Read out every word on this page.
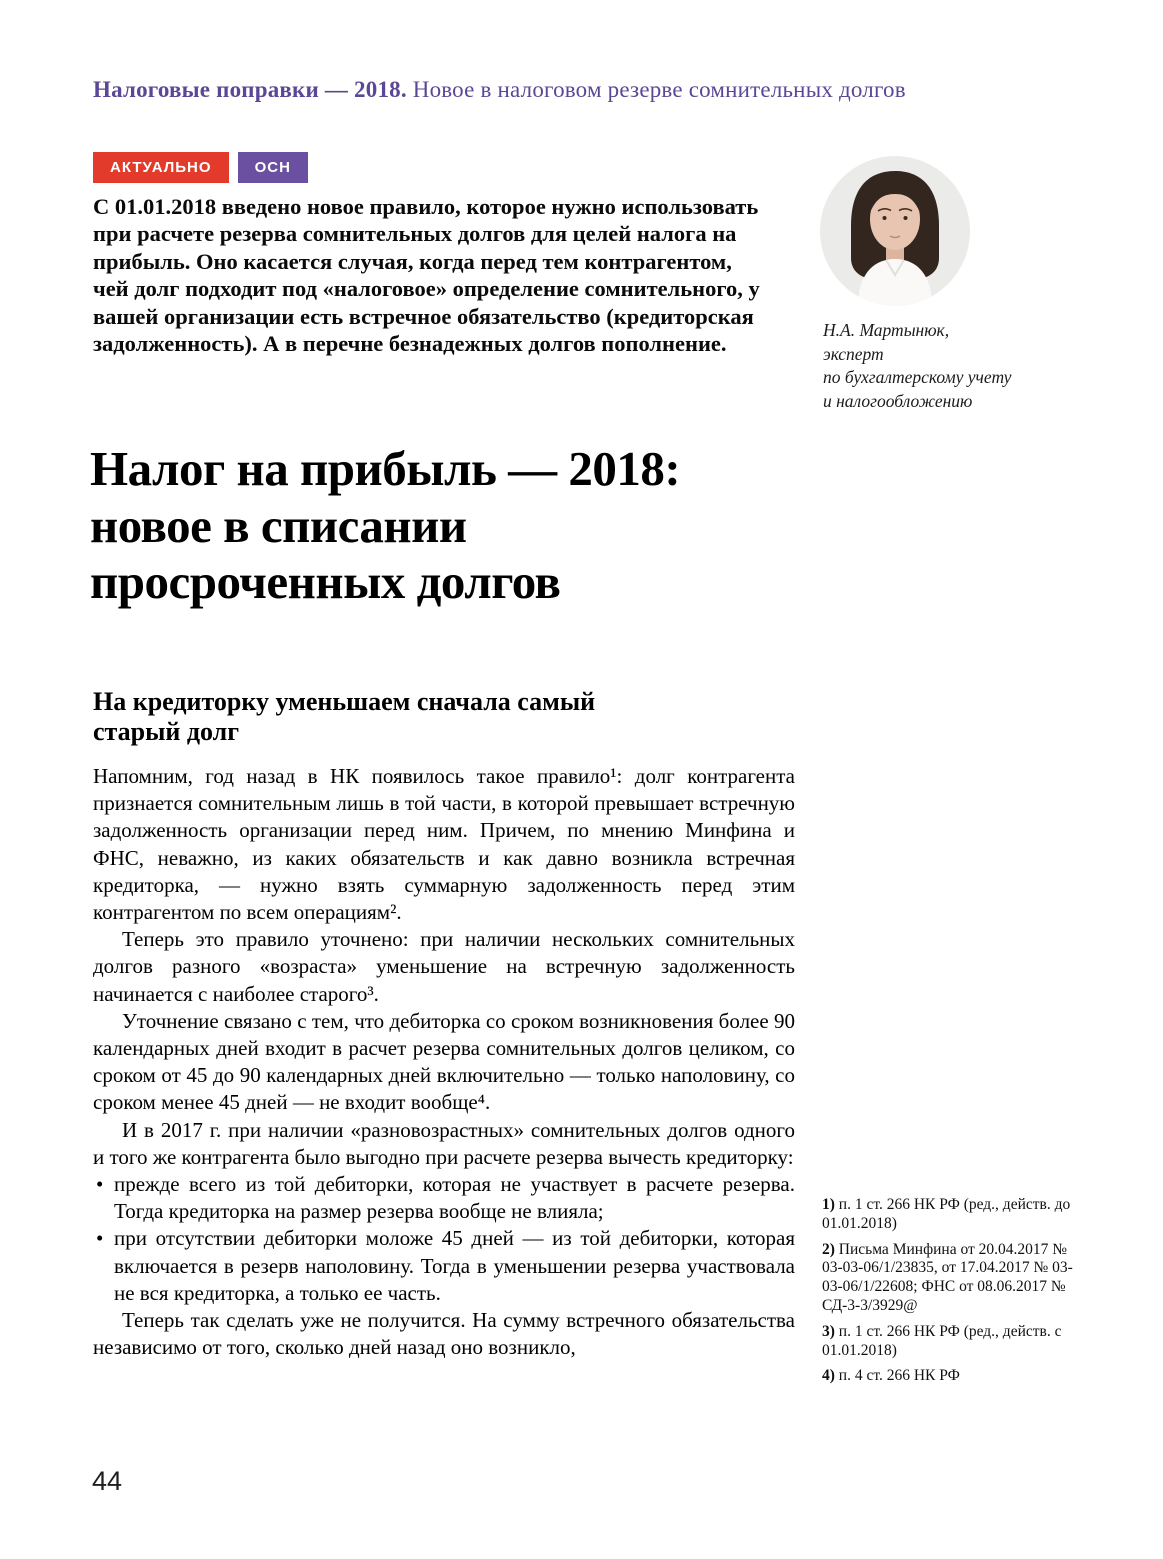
Налоговые поправки — 2018. Новое в налоговом резерве сомнительных долгов
АКТУАЛЬНО	ОСН
С 01.01.2018 введено новое правило, которое нужно использовать при расчете резерва сомнительных долгов для целей налога на прибыль. Оно касается случая, когда перед тем контрагентом, чей долг подходит под «налоговое» определение сомнительного, у вашей организации есть встречное обязательство (кредиторская задолженность). А в перечне безнадежных долгов пополнение.
Н.А. Мартынюк,
эксперт
по бухгалтерскому учету
и налогообложению
Налог на прибыль — 2018: новое в списании просроченных долгов
На кредиторку уменьшаем сначала самый старый долг

Напомним, год назад в НК появилось такое правило¹: долг контрагента признается сомнительным лишь в той части, в которой превышает встречную задолженность организации перед ним. Причем, по мнению Минфина и ФНС, неважно, из каких обязательств и как давно возникла встречная кредиторка, — нужно взять суммарную задолженность перед этим контрагентом по всем операциям².

Теперь это правило уточнено: при наличии нескольких сомнительных долгов разного «возраста» уменьшение на встречную задолженность начинается с наиболее старого³.

Уточнение связано с тем, что дебиторка со сроком возникновения более 90 календарных дней входит в расчет резерва сомнительных долгов целиком, со сроком от 45 до 90 календарных дней включительно — только наполовину, со сроком менее 45 дней — не входит вообще⁴.

И в 2017 г. при наличии «разновозрастных» сомнительных долгов одного и того же контрагента было выгодно при расчете резерва вычесть кредиторку:

• прежде всего из той дебиторки, которая не участвует в расчете резерва. Тогда кредиторка на размер резерва вообще не влияла;
• при отсутствии дебиторки моложе 45 дней — из той дебиторки, которая включается в резерв наполовину. Тогда в уменьшении резерва участвовала не вся кредиторка, а только ее часть.

Теперь так сделать уже не получится. На сумму встречного обязательства независимо от того, сколько дней назад оно возникло,

1) п. 1 ст. 266 НК РФ (ред., действ. до 01.01.2018)
2) Письма Минфина от 20.04.2017 № 03-03-06/1/23835, от 17.04.2017 № 03-03-06/1/22608; ФНС от 08.06.2017 № СД-3-3/3929@
3) п. 1 ст. 266 НК РФ (ред., действ. с 01.01.2018)
4) п. 4 ст. 266 НК РФ
44
